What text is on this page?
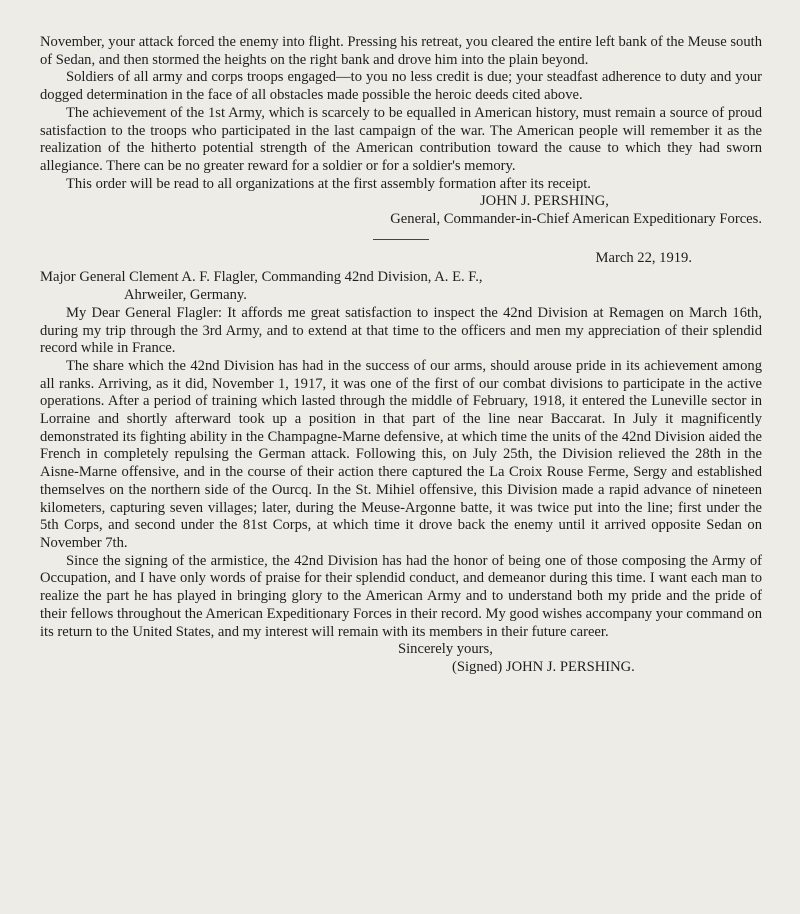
November, your attack forced the enemy into flight. Pressing his retreat, you cleared the entire left bank of the Meuse south of Sedan, and then stormed the heights on the right bank and drove him into the plain beyond.

Soldiers of all army and corps troops engaged—to you no less credit is due; your steadfast adherence to duty and your dogged determination in the face of all obstacles made possible the heroic deeds cited above.

The achievement of the 1st Army, which is scarcely to be equalled in American history, must remain a source of proud satisfaction to the troops who participated in the last campaign of the war. The American people will remember it as the realization of the hitherto potential strength of the American contribution toward the cause to which they had sworn allegiance. There can be no greater reward for a soldier or for a soldier's memory.

This order will be read to all organizations at the first assembly formation after its receipt.

JOHN J. PERSHING,

General, Commander-in-Chief American Expeditionary Forces.

March 22, 1919.

Major General Clement A. F. Flagler, Commanding 42nd Division, A. E. F.,

Ahrweiler, Germany.

My Dear General Flagler: It affords me great satisfaction to inspect the 42nd Division at Remagen on March 16th, during my trip through the 3rd Army, and to extend at that time to the officers and men my appreciation of their splendid record while in France.

The share which the 42nd Division has had in the success of our arms, should arouse pride in its achievement among all ranks. Arriving, as it did, November 1, 1917, it was one of the first of our combat divisions to participate in the active operations. After a period of training which lasted through the middle of February, 1918, it entered the Luneville sector in Lorraine and shortly afterward took up a position in that part of the line near Baccarat. In July it magnificently demonstrated its fighting ability in the Champagne-Marne defensive, at which time the units of the 42nd Division aided the French in completely repulsing the German attack. Following this, on July 25th, the Division relieved the 28th in the Aisne-Marne offensive, and in the course of their action there captured the La Croix Rouse Ferme, Sergy and established themselves on the northern side of the Ourcq. In the St. Mihiel offensive, this Division made a rapid advance of nineteen kilometers, capturing seven villages; later, during the Meuse-Argonne batte, it was twice put into the line; first under the 5th Corps, and second under the 81st Corps, at which time it drove back the enemy until it arrived opposite Sedan on November 7th.

Since the signing of the armistice, the 42nd Division has had the honor of being one of those composing the Army of Occupation, and I have only words of praise for their splendid conduct, and demeanor during this time. I want each man to realize the part he has played in bringing glory to the American Army and to understand both my pride and the pride of their fellows throughout the American Expeditionary Forces in their record. My good wishes accompany your command on its return to the United States, and my interest will remain with its members in their future career.

Sincerely yours,

(Signed) JOHN J. PERSHING.
